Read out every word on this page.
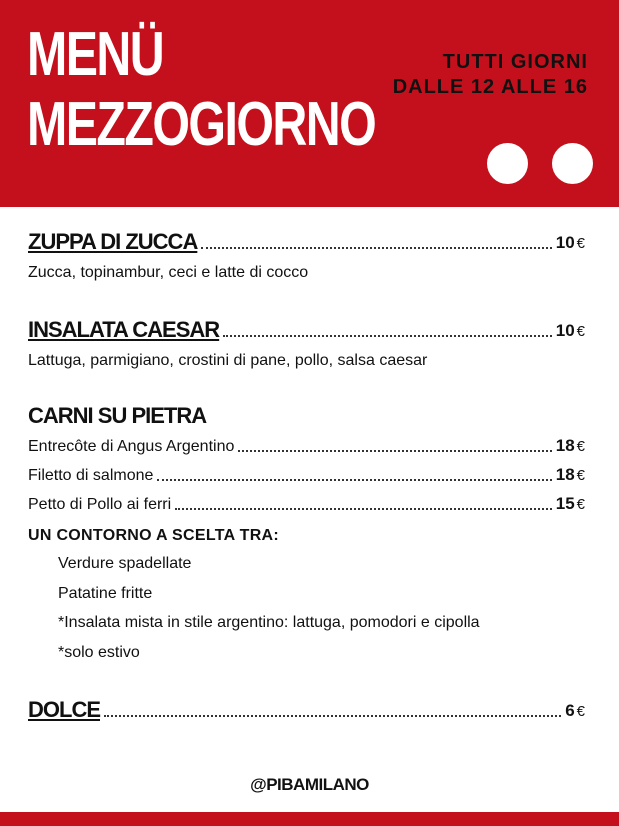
MENÜ
MEZZOGIORNO
TUTTI GIORNI
DALLE 12 ALLE 16
ZUPPA DI ZUCCA	10 €
Zucca, topinambur, ceci e latte di cocco
INSALATA CAESAR	10 €
Lattuga, parmigiano, crostini di pane, pollo, salsa caesar
CARNI SU PIETRA
Entrecôte di Angus Argentino	18 €
Filetto di salmone	18 €
Petto di Pollo ai ferri	15 €
UN CONTORNO A SCELTA TRA:
Verdure spadellate
Patatine fritte
*Insalata mista in stile argentino: lattuga, pomodori e cipolla
*solo estivo
DOLCE	6 €
@PIBAMILANO
